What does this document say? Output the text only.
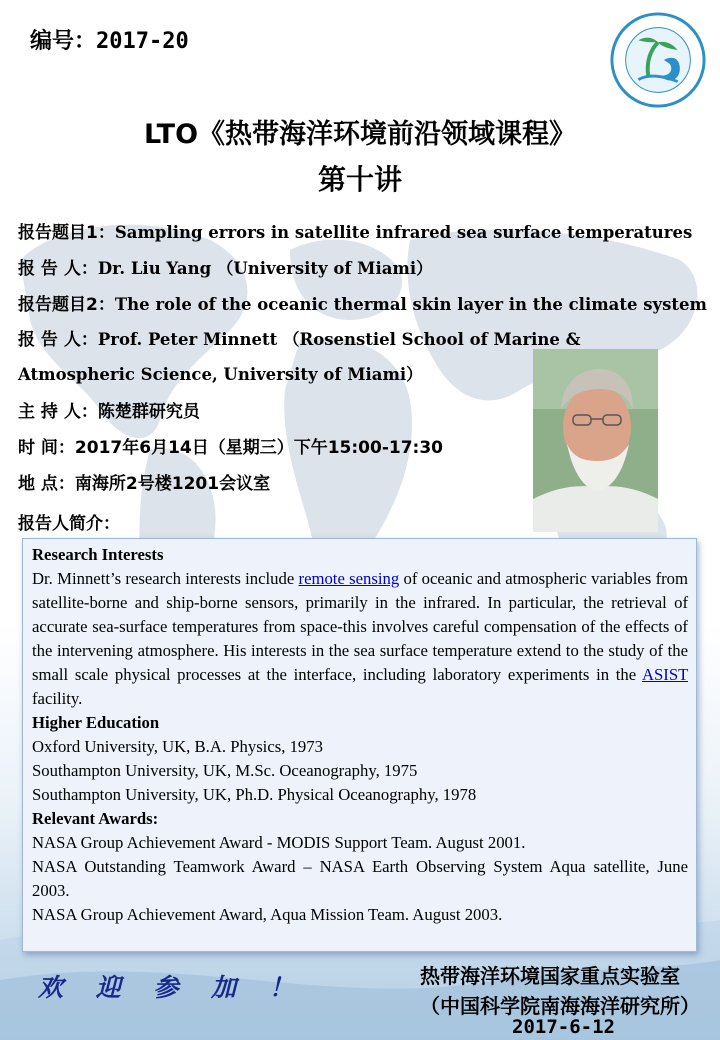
编号：2017-20
LTO《热带海洋环境前沿领域课程》
第十讲
报告题目1：Sampling errors in satellite infrared sea surface temperatures
报 告 人：Dr. Liu Yang （University of Miami）
报告题目2：The role of the oceanic thermal skin layer in the climate system
报 告 人：Prof. Peter Minnett （Rosenstiel School of Marine &
Atmospheric Science, University of Miami）
主 持 人：陈楚群研究员
时 间：2017年6月14日（星期三）下午15:00-17:30
地 点：南海所2号楼1201会议室
报告人简介：
Research Interests
Dr. Minnett’s research interests include remote sensing of oceanic and atmospheric variables from satellite-borne and ship-borne sensors, primarily in the infrared. In particular, the retrieval of accurate sea-surface temperatures from space-this involves careful compensation of the effects of the intervening atmosphere. His interests in the sea surface temperature extend to the study of the small scale physical processes at the interface, including laboratory experiments in the ASIST facility.
Higher Education
Oxford University, UK, B.A. Physics, 1973
Southampton University, UK, M.Sc. Oceanography, 1975
Southampton University, UK, Ph.D. Physical Oceanography, 1978
Relevant Awards:
NASA Group Achievement Award - MODIS Support Team. August 2001.
NASA Outstanding Teamwork Award – NASA Earth Observing System Aqua satellite, June 2003.
NASA Group Achievement Award, Aqua Mission Team. August 2003.
欢 迎 参 加 ！	热带海洋环境国家重点实验室
（中国科学院南海海洋研究所）
2017-6-12
